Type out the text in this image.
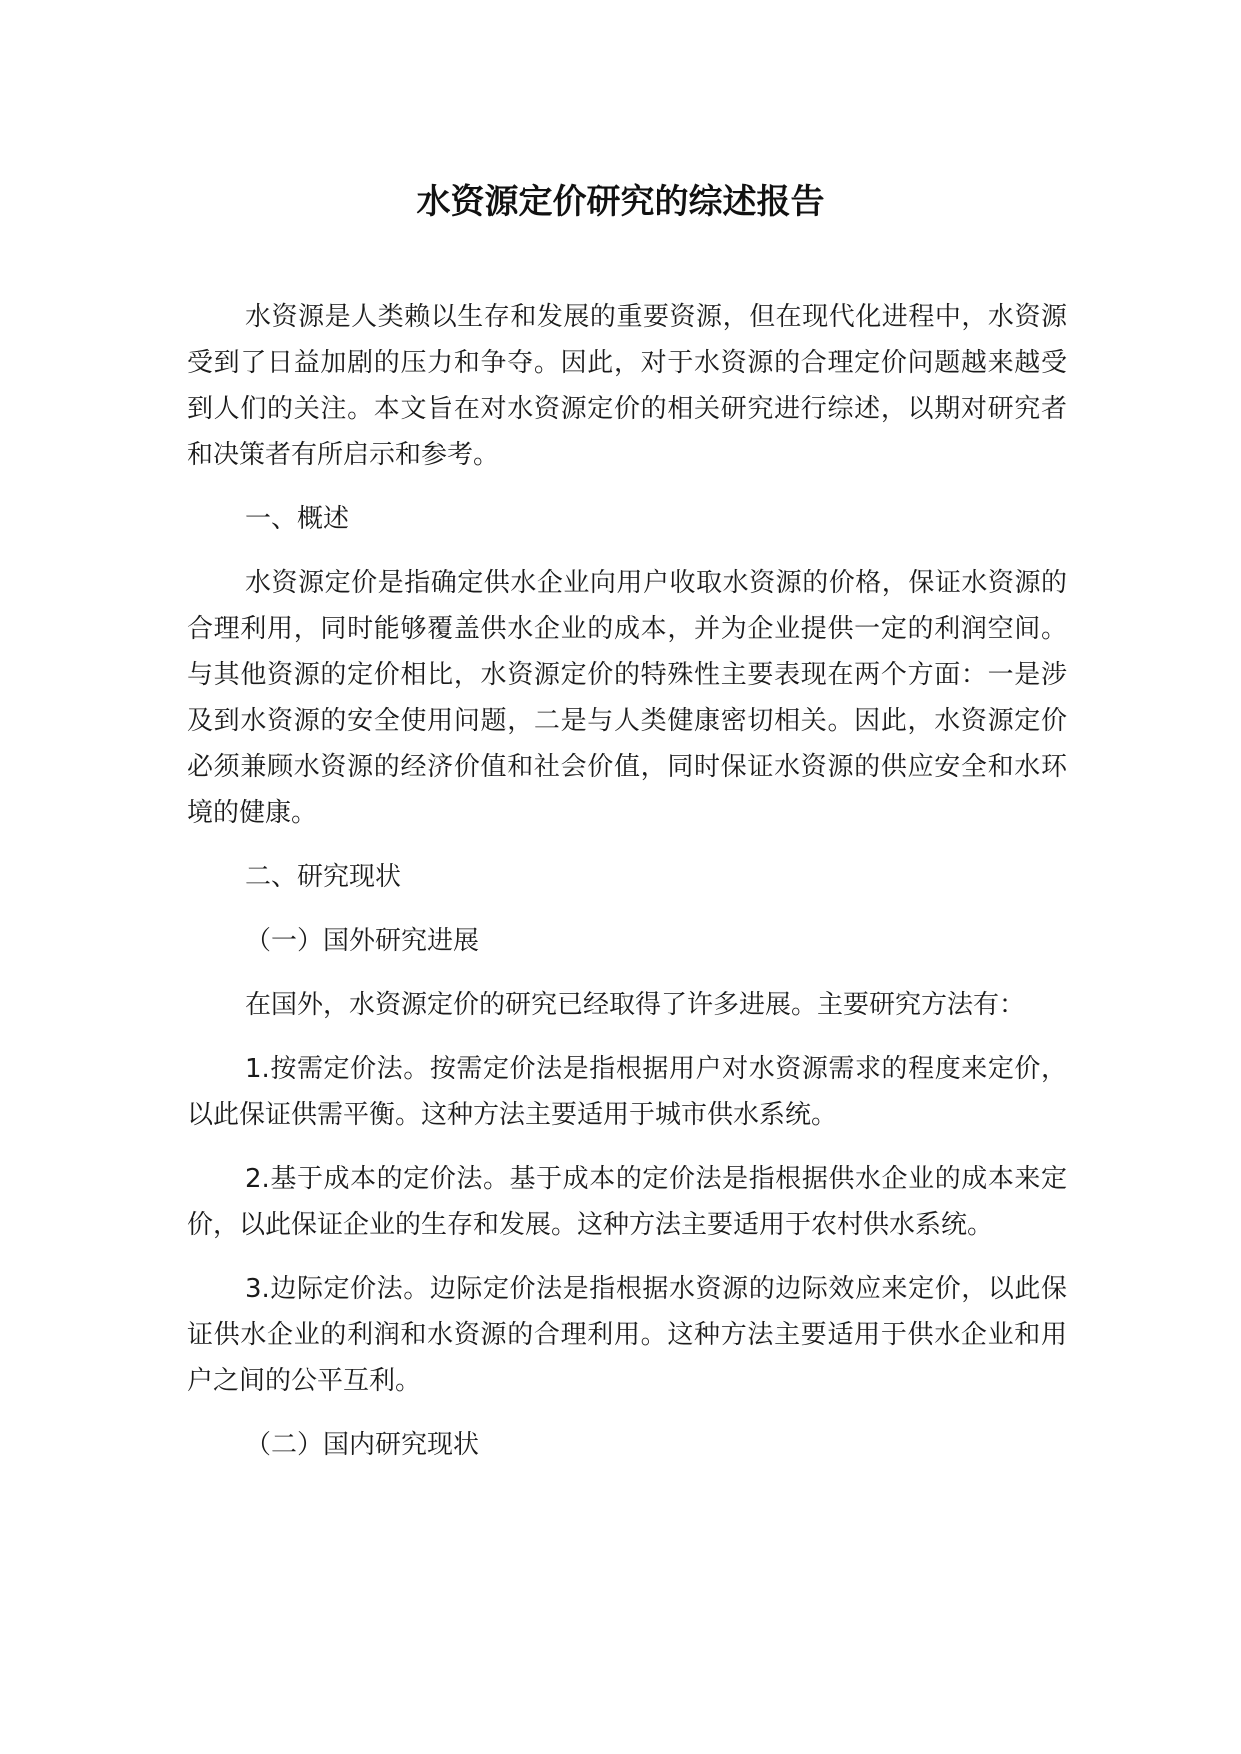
水资源定价研究的综述报告

水资源是人类赖以生存和发展的重要资源，但在现代化进程中，水资源受到了日益加剧的压力和争夺。因此，对于水资源的合理定价问题越来越受到人们的关注。本文旨在对水资源定价的相关研究进行综述，以期对研究者和决策者有所启示和参考。

一、概述

水资源定价是指确定供水企业向用户收取水资源的价格，保证水资源的合理利用，同时能够覆盖供水企业的成本，并为企业提供一定的利润空间。与其他资源的定价相比，水资源定价的特殊性主要表现在两个方面：一是涉及到水资源的安全使用问题，二是与人类健康密切相关。因此，水资源定价必须兼顾水资源的经济价值和社会价值，同时保证水资源的供应安全和水环境的健康。

二、研究现状

（一）国外研究进展

在国外，水资源定价的研究已经取得了许多进展。主要研究方法有：

1.按需定价法。按需定价法是指根据用户对水资源需求的程度来定价，以此保证供需平衡。这种方法主要适用于城市供水系统。

2.基于成本的定价法。基于成本的定价法是指根据供水企业的成本来定价，以此保证企业的生存和发展。这种方法主要适用于农村供水系统。

3.边际定价法。边际定价法是指根据水资源的边际效应来定价，以此保证供水企业的利润和水资源的合理利用。这种方法主要适用于供水企业和用户之间的公平互利。

（二）国内研究现状
